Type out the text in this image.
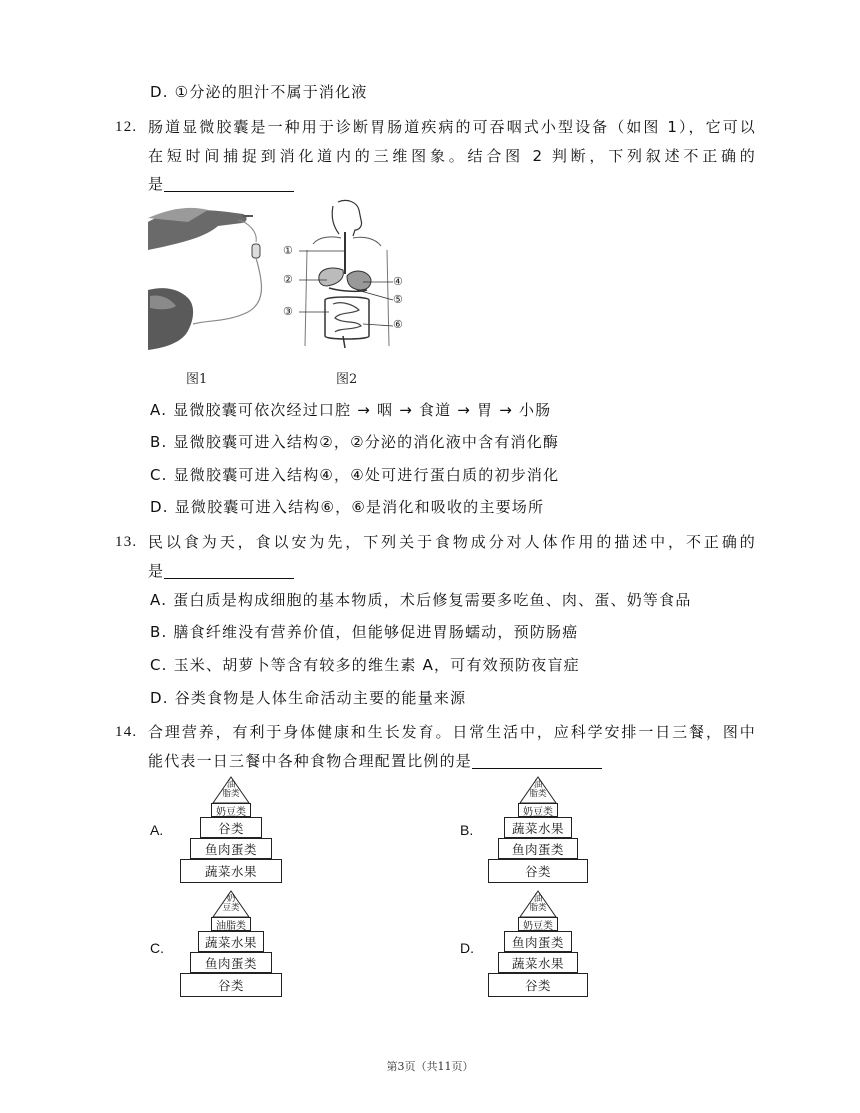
D. ①分泌的胆汁不属于消化液
12. 肠道显微胶囊是一种用于诊断胃肠道疾病的可吞咽式小型设备（如图 1），它可以
在短时间捕捉到消化道内的三维图象。结合图 2 判断，下列叙述不正确的
是
图1
①
②
③
④
⑤
⑥
图2
A. 显微胶囊可依次经过口腔 → 咽 → 食道 → 胃 → 小肠
B. 显微胶囊可进入结构②，②分泌的消化液中含有消化酶
C. 显微胶囊可进入结构④，④处可进行蛋白质的初步消化
D. 显微胶囊可进入结构⑥，⑥是消化和吸收的主要场所
13. 民以食为天，食以安为先，下列关于食物成分对人体作用的描述中，不正确的
是
A. 蛋白质是构成细胞的基本物质，术后修复需要多吃鱼、肉、蛋、奶等食品
B. 膳食纤维没有营养价值，但能够促进胃肠蠕动，预防肠癌
C. 玉米、胡萝卜等含有较多的维生素 A，可有效预防夜盲症
D. 谷类食物是人体生命活动主要的能量来源
14. 合理营养，有利于身体健康和生长发育。日常生活中，应科学安排一日三餐，图中
能代表一日三餐中各种食物合理配置比例的是
A.
油
脂类
奶豆类
谷类
鱼肉蛋类
蔬菜水果
B.
油
脂类
奶豆类
蔬菜水果
鱼肉蛋类
谷类
C.
奶
豆类
油脂类
蔬菜水果
鱼肉蛋类
谷类
D.
油
脂类
奶豆类
鱼肉蛋类
蔬菜水果
谷类
第3页（共11页）
